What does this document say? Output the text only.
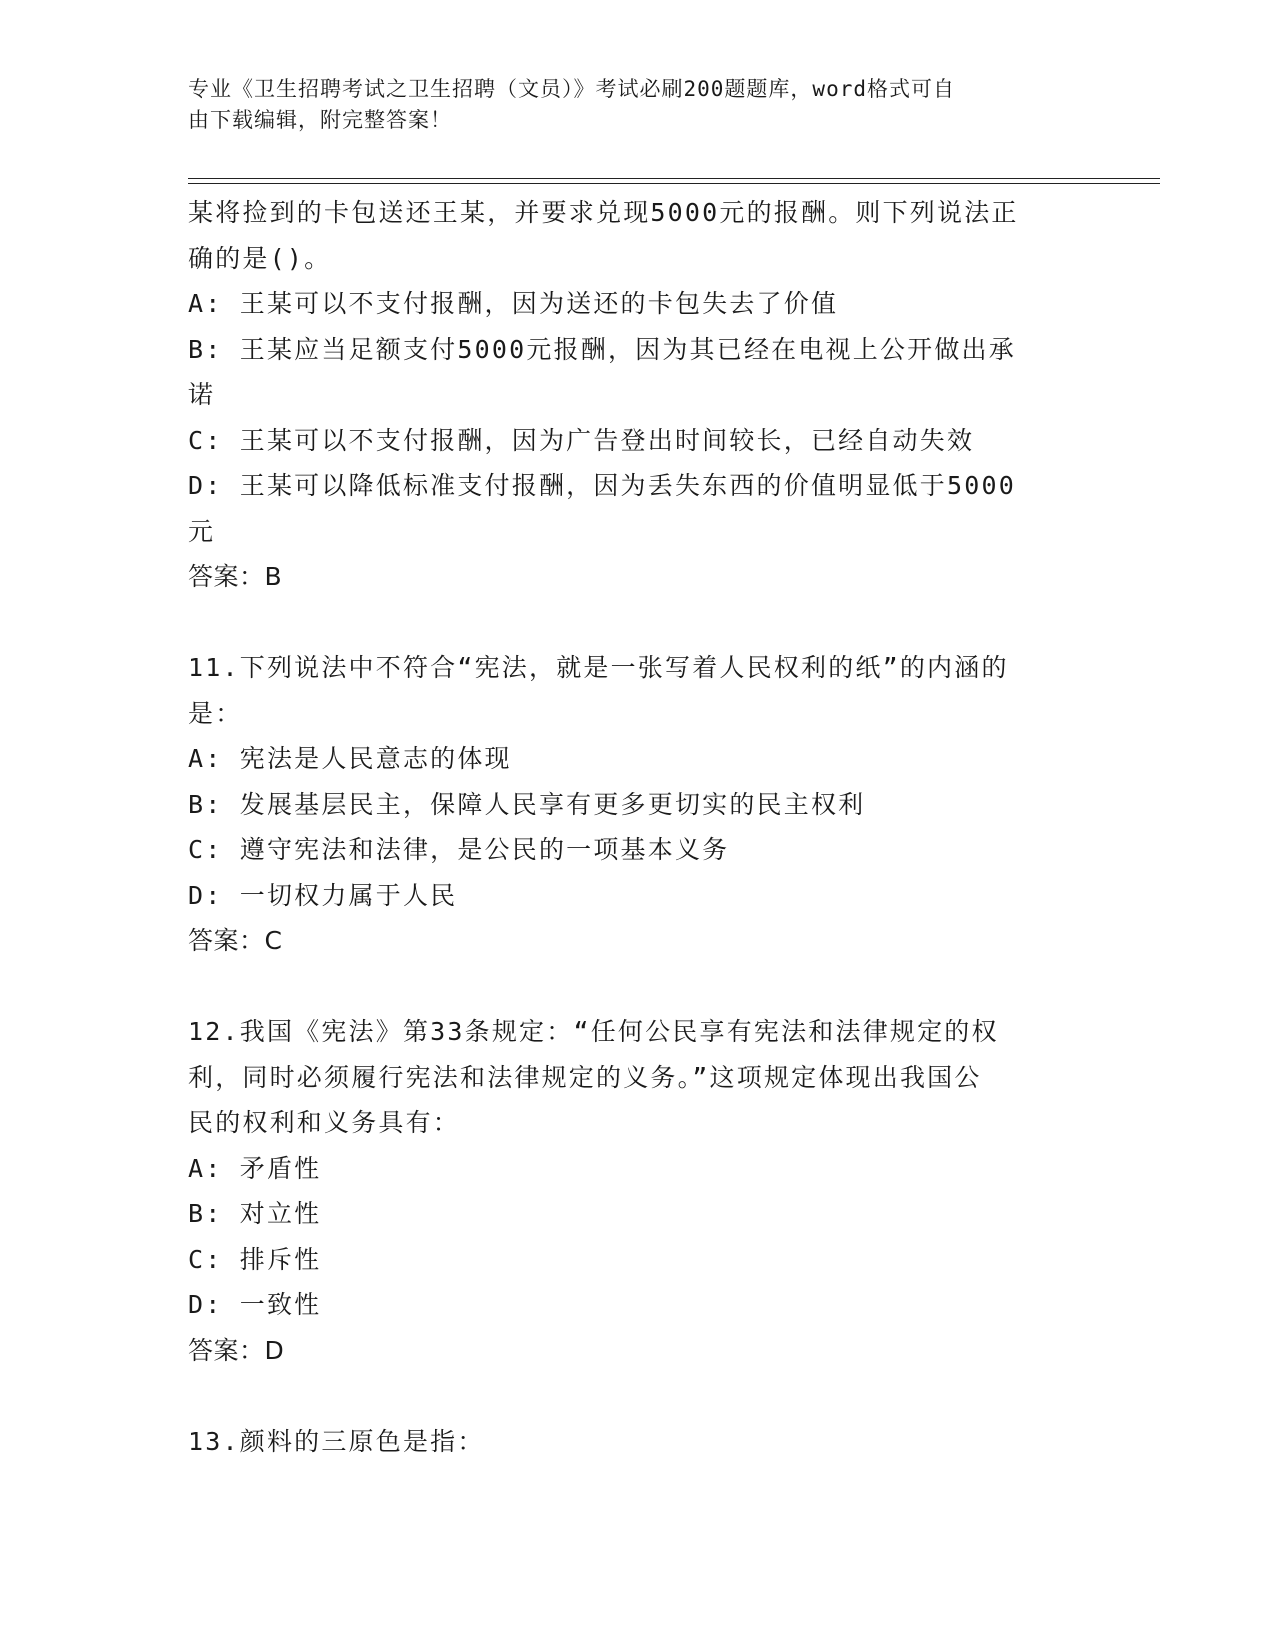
专业《卫生招聘考试之卫生招聘（文员）》考试必刷200题题库，word格式可自
由下载编辑，附完整答案！
某将捡到的卡包送还王某，并要求兑现5000元的报酬。则下列说法正
确的是()。
A: 王某可以不支付报酬，因为送还的卡包失去了价值
B: 王某应当足额支付5000元报酬，因为其已经在电视上公开做出承
诺
C: 王某可以不支付报酬，因为广告登出时间较长，已经自动失效
D: 王某可以降低标准支付报酬，因为丢失东西的价值明显低于5000
元
答案：B
11.下列说法中不符合“宪法，就是一张写着人民权利的纸”的内涵的
是：
A: 宪法是人民意志的体现
B: 发展基层民主，保障人民享有更多更切实的民主权利
C: 遵守宪法和法律，是公民的一项基本义务
D: 一切权力属于人民
答案：C
12.我国《宪法》第33条规定：“任何公民享有宪法和法律规定的权
利，同时必须履行宪法和法律规定的义务。”这项规定体现出我国公
民的权利和义务具有：
A: 矛盾性
B: 对立性
C: 排斥性
D: 一致性
答案：D
13.颜料的三原色是指：
